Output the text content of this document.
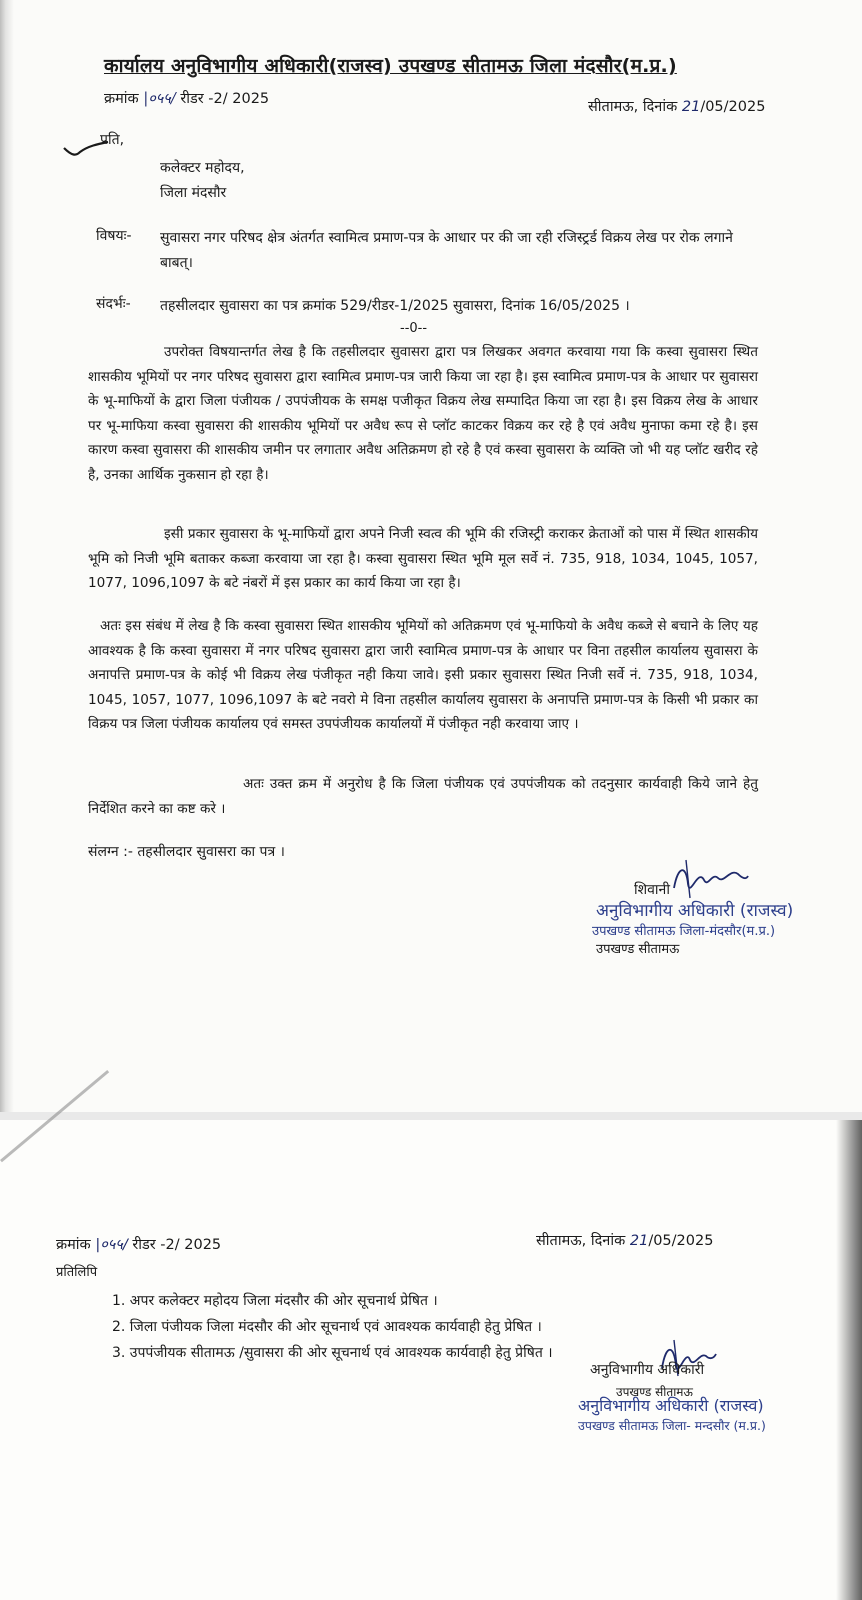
कार्यालय अनुविभागीय अधिकारी(राजस्व) उपखण्ड सीतामऊ जिला मंदसौर(म.प्र.)
क्रमांक |०५५/ रीडर -2/ 2025	सीतामऊ, दिनांक 21/05/2025
प्रति,
कलेक्टर महोदय,
जिला मंदसौर
विषयः- सुवासरा नगर परिषद क्षेत्र अंतर्गत स्वामित्व प्रमाण-पत्र के आधार पर की जा रही रजिस्ट्रर्ड विक्रय लेख पर रोक लगाने बाबत्।
संदर्भः- तहसीलदार सुवासरा का पत्र क्रमांक 529/रीडर-1/2025 सुवासरा, दिनांक 16/05/2025 ।
--0--

उपरोक्त विषयान्तर्गत लेख है कि तहसीलदार सुवासरा द्वारा पत्र लिखकर अवगत करवाया गया कि कस्वा सुवासरा स्थित शासकीय भूमियों पर नगर परिषद सुवासरा द्वारा स्वामित्व प्रमाण-पत्र जारी किया जा रहा है। इस स्वामित्व प्रमाण-पत्र के आधार पर सुवासरा के भू-माफियों के द्वारा जिला पंजीयक / उपपंजीयक के समक्ष पजीकृत विक्रय लेख सम्पादित किया जा रहा है। इस विक्रय लेख के आधार पर भू-माफिया कस्वा सुवासरा की शासकीय भूमियों पर अवैध रूप से प्लॉट काटकर विक्रय कर रहे है एवं अवैध मुनाफा कमा रहे है। इस कारण कस्वा सुवासरा की शासकीय जमीन पर लगातार अवैध अतिक्रमण हो रहे है एवं कस्वा सुवासरा के व्यक्ति जो भी यह प्लॉट खरीद रहे है, उनका आर्थिक नुकसान हो रहा है।

इसी प्रकार सुवासरा के भू-माफियों द्वारा अपने निजी स्वत्व की भूमि की रजिस्ट्री कराकर क्रेताओं को पास में स्थित शासकीय भूमि को निजी भूमि बताकर कब्जा करवाया जा रहा है। कस्वा सुवासरा स्थित भूमि मूल सर्वे नं. 735, 918, 1034, 1045, 1057, 1077, 1096,1097 के बटे नंबरों में इस प्रकार का कार्य किया जा रहा है।

अतः इस संबंध में लेख है कि कस्वा सुवासरा स्थित शासकीय भूमियों को अतिक्रमण एवं भू-माफियो के अवैध कब्जे से बचाने के लिए यह आवश्यक है कि कस्वा सुवासरा में नगर परिषद सुवासरा द्वारा जारी स्वामित्व प्रमाण-पत्र के आधार पर विना तहसील कार्यालय सुवासरा के अनापत्ति प्रमाण-पत्र के कोई भी विक्रय लेख पंजीकृत नही किया जावे। इसी प्रकार सुवासरा स्थित निजी सर्वे नं. 735, 918, 1034, 1045, 1057, 1077, 1096,1097 के बटे नवरो मे विना तहसील कार्यालय सुवासरा के अनापत्ति प्रमाण-पत्र के किसी भी प्रकार का विक्रय पत्र जिला पंजीयक कार्यालय एवं समस्त उपपंजीयक कार्यालयों में पंजीकृत नही करवाया जाए ।

अतः उक्त क्रम में अनुरोध है कि जिला पंजीयक एवं उपपंजीयक को तदनुसार कार्यवाही किये जाने हेतु निर्देशित करने का कष्ट करे ।

संलग्न :- तहसीलदार सुवासरा का पत्र ।
शिवानी
अनुविभागीय अधिकारी (राजस्व)
उपखण्ड सीतामऊ जिला-मंदसौर(म.प्र.)
उपखण्ड सीतामऊ
क्रमांक |०५५/ रीडर -2/ 2025	सीतामऊ, दिनांक 21/05/2025
प्रतिलिपि
1. अपर कलेक्टर महोदय जिला मंदसौर की ओर सूचनार्थ प्रेषित ।
2. जिला पंजीयक जिला मंदसौर की ओर सूचनार्थ एवं आवश्यक कार्यवाही हेतु प्रेषित ।
3. उपपंजीयक सीतामऊ /सुवासरा की ओर सूचनार्थ एवं आवश्यक कार्यवाही हेतु प्रेषित ।
अनुविभागीय अधिकारी
उपखण्ड सीतामऊ
अनुविभागीय अधिकारी (राजस्व)
उपखण्ड सीतामऊ जिला- मन्दसौर (म.प्र.)
